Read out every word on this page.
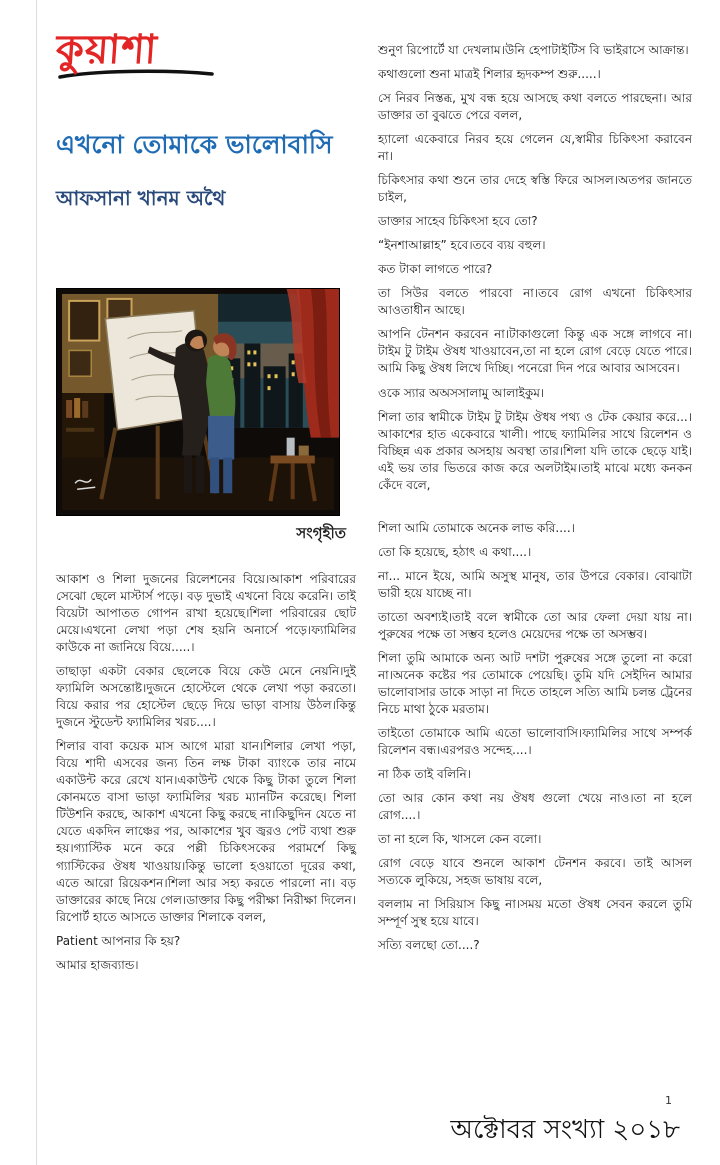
কুয়াশা
এখনো তোমাকে ভালোবাসি
আফসানা খানম অথৈ
সংগৃহীত

আকাশ ও শিলা দুজনের রিলেশনের বিয়ে।আকাশ পরিবারের সেঝো ছেলে মাস্টার্স পড়ে। বড় দুভাই এখনো বিয়ে করেনি। তাই বিয়েটা আপাতত গোপন রাখা হয়েছে।শিলা পরিবারের ছোট মেয়ে।এখনো লেখা পড়া শেষ হয়নি অনার্সে পড়ে।ফ্যামিলির কাউকে না জানিয়ে বিয়ে.....।

তাছাড়া একটা বেকার ছেলেকে বিয়ে কেউ মেনে নেয়নি।দুই ফ্যামিলি অসন্তোষ্ট।দুজনে হোস্টেলে থেকে লেখা পড়া করতো।বিয়ে করার পর হোস্টেল ছেড়ে দিয়ে ভাড়া বাসায় উঠল।কিন্তু দুজনে স্টুডেন্ট ফ্যামিলির খরচ....।

শিলার বাবা কয়েক মাস আগে মারা যান।শিলার লেখা পড়া, বিয়ে শাদী এসবের জন্য তিন লক্ষ টাকা ব্যাংকে তার নামে একাউন্ট করে রেখে যান।একাউন্ট থেকে কিছু টাকা তুলে শিলা কোনমতে বাসা ভাড়া ফ্যামিলির খরচ ম্যানটিন করেছে। শিলা টিউশনি করছে, আকাশ এখনো কিছু করছে না।কিছুদিন যেতে না যেতে একদিন লাঞ্চের পর, আকাশের খুব জ্বরও পেট ব্যথা শুরু হয়।গ্যাস্টিক মনে করে পল্লী চিকিৎসকের পরামর্শে কিছু গ্যাস্টিকের ঔষধ খাওয়ায়।কিন্তু ভালো হওয়াতো দূরের কথা, এতে আরো রিয়েকশন।শিলা আর সহ্য করতে পারলো না। বড় ডাক্তারের কাছে নিয়ে গেল।ডাক্তার কিছু পরীক্ষা নিরীক্ষা দিলেন।রিপোর্ট হাতে আসতে ডাক্তার শিলাকে বলল,

Patient আপনার কি হয়?

আমার হাজব্যান্ড।

শুনুণ রিপোর্টে যা দেখলাম।উনি হেপাটাইটিস বি ভাইরাসে আক্রান্ত।

কথাগুলো শুনা মাত্রই শিলার হৃদকম্প শুরু.....।

সে নিরব নিস্তব্ধ, মুখ বন্ধ হয়ে আসছে কথা বলতে পারছেনা। আর ডাক্তার তা বুঝতে পেরে বলল,

হ্যালো একেবারে নিরব হয়ে গেলেন যে,স্বামীর চিকিৎসা করাবেন না।

চিকিৎসার কথা শুনে তার দেহে স্বস্তি ফিরে আসল।অতপর জানতে চাইল,

ডাক্তার সাহেব চিকিৎসা হবে তো?

“ইনশাআল্লাহ” হবে।তবে ব্যয় বহুল।

কত টাকা লাগতে পারে?

তা সিউর বলতে পারবো না।তবে রোগ এখনো চিকিৎসার আওতাধীন আছে।

আপনি টেনশন করবেন না।টাকাগুলো কিন্তু এক সঙ্গে লাগবে না।টাইম টু টাইম ঔষধ খাওয়াবেন,তা না হলে রোগ বেড়ে যেতে পারে। আমি কিছু ঔষধ লিখে দিচ্ছি। পনেরো দিন পরে আবার আসবেন।

ওকে স্যার অঅসসালামু আলাইকুম।

শিলা তার স্বামীকে টাইম টু টাইম ঔধষ পথ্য ও টেক কেয়ার করে...। আকাশের হাত একেবারে খালী। পাছে ফ্যামিলির সাথে রিলেশন ও বিচ্ছিন্ন এক প্রকার অসহায় অবস্থা তার।শিলা যদি তাকে ছেড়ে যাই।এই ভয় তার ভিতরে কাজ করে অলটাইম।তাই মাঝে মধ্যে কনকন কেঁদে বলে,

শিলা আমি তোমাকে অনেক লাভ করি....।

তো কি হয়েছে, হঠাৎ এ কথা....।

না... মানে ইয়ে, আমি অসুস্থ মানুষ, তার উপরে বেকার। বোঝাটা ভারী হয়ে যাচ্ছে না।

তাতো অবশ্যই।তাই বলে স্বামীকে তো আর ফেলা দেয়া যায় না। পুরুষের পক্ষে তা সম্ভব হলেও মেয়েদের পক্ষে তা অসম্ভব।

শিলা তুমি আমাকে অন্য আট দশটা পুরুষের সঙ্গে তুলো না করো না।অনেক কষ্টের পর তোমাকে পেয়েছি। তুমি যদি সেইদিন আমার ভালোবাসার ডাকে সাড়া না দিতে তাহলে সত্যি আমি চলন্ত ট্রেনের নিচে মাথা ঠুকে মরতাম।

তাইতো তোমাকে আমি এতো ভালোবাসি।ফ্যামিলির সাথে সম্পর্ক রিলেশন বন্ধ।এরপরও সন্দেহ....।

না ঠিক তাই বলিনি।

তো আর কোন কথা নয় ঔষধ গুলো খেয়ে নাও।তা না হলে রোগ....।

তা না হলে কি, খাসলে কেন বলো।

রোগ বেড়ে যাবে শুনলে আকাশ টেনশন করবে। তাই আসল সত্যকে লুকিয়ে, সহজ ভাষায় বলে,

বললাম না সিরিয়াস কিছু না।সময় মতো ঔষধ সেবন করলে তুমি সম্পূর্ণ সুস্থ হয়ে যাবে।

সত্যি বলছো তো....?

1
অক্টোবর সংখ্যা ২০১৮
